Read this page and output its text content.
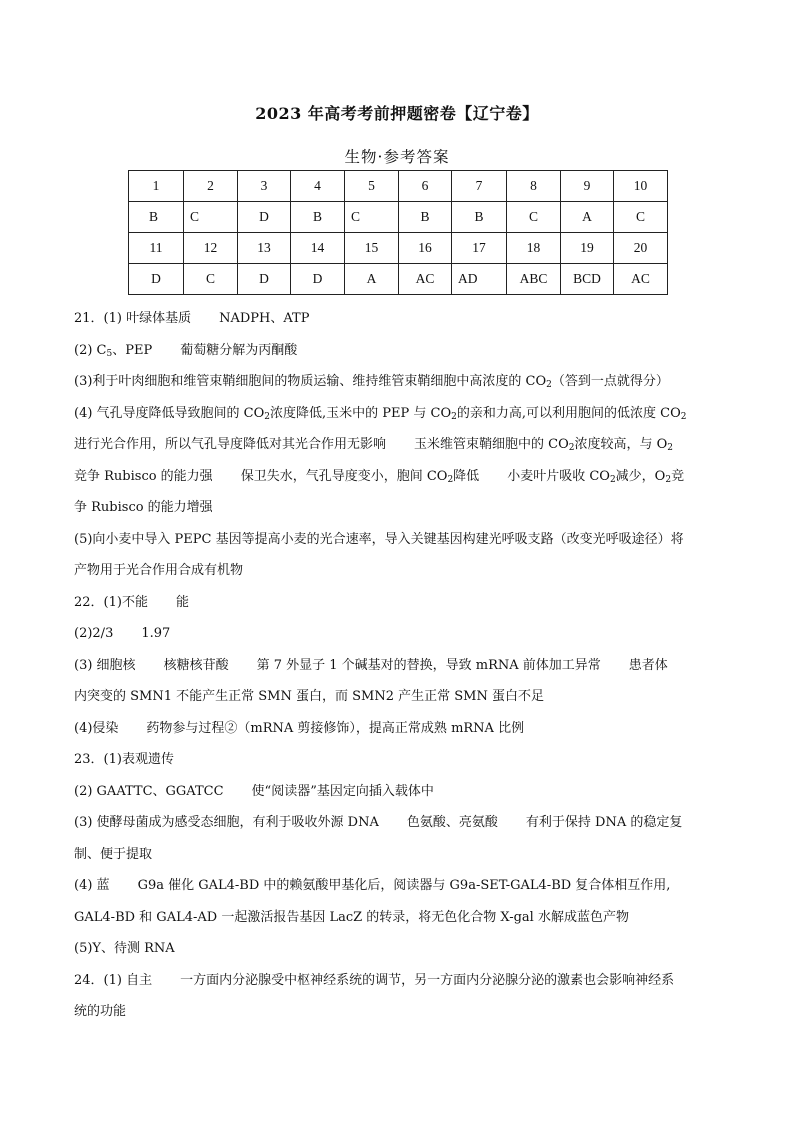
2023 年高考考前押题密卷【辽宁卷】
生物·参考答案
1	2	3	4	5	6	7	8	9	10
B	C	D	B	C	B	B	C	A	C
11	12	13	14	15	16	17	18	19	20
D	C	D	D	A	AC	AD	ABC	BCD	AC

21．(1) 叶绿体基质 NADPH、ATP

(2) $C_5$、PEP 葡萄糖分解为丙酮酸

(3)利于叶肉细胞和维管束鞘细胞间的物质运输、维持维管束鞘细胞中高浓度的 $CO_2$（答到一点就得分）

(4) 气孔导度降低导致胞间的 $CO_2$浓度降低,玉米中的 PEP 与 $CO_2$的亲和力高,可以利用胞间的低浓度 $CO_2$

进行光合作用，所以气孔导度降低对其光合作用无影响 玉米维管束鞘细胞中的 $CO_2$浓度较高，与 $O_2$

竞争 Rubisco 的能力强 保卫失水，气孔导度变小，胞间 $CO_2$降低 小麦叶片吸收 $CO_2$减少，$O_2$竞

争 Rubisco 的能力增强

(5)向小麦中导入 PEPC 基因等提高小麦的光合速率，导入关键基因构建光呼吸支路（改变光呼吸途径）将

产物用于光合作用合成有机物

22．(1)不能 能

(2)2/3 1.97

(3) 细胞核 核糖核苷酸 第 7 外显子 1 个碱基对的替换，导致 mRNA 前体加工异常 患者体

内突变的 SMN1 不能产生正常 SMN 蛋白，而 SMN2 产生正常 SMN 蛋白不足

(4)侵染 药物参与过程②（mRNA 剪接修饰），提高正常成熟 mRNA 比例

23．(1)表观遗传

(2) GAATTC、GGATCC 使“阅读器”基因定向插入载体中

(3) 使酵母菌成为感受态细胞，有利于吸收外源 DNA 色氨酸、亮氨酸 有利于保持 DNA 的稳定复

制、便于提取

(4) 蓝 G9a 催化 GAL4-BD 中的赖氨酸甲基化后，阅读器与 G9a-SET-GAL4-BD 复合体相互作用,

GAL4-BD 和 GAL4-AD 一起激活报告基因 LacZ 的转录，将无色化合物 X-gal 水解成蓝色产物

(5)Y、待测 RNA

24．(1) 自主 一方面内分泌腺受中枢神经系统的调节，另一方面内分泌腺分泌的激素也会影响神经系

统的功能
